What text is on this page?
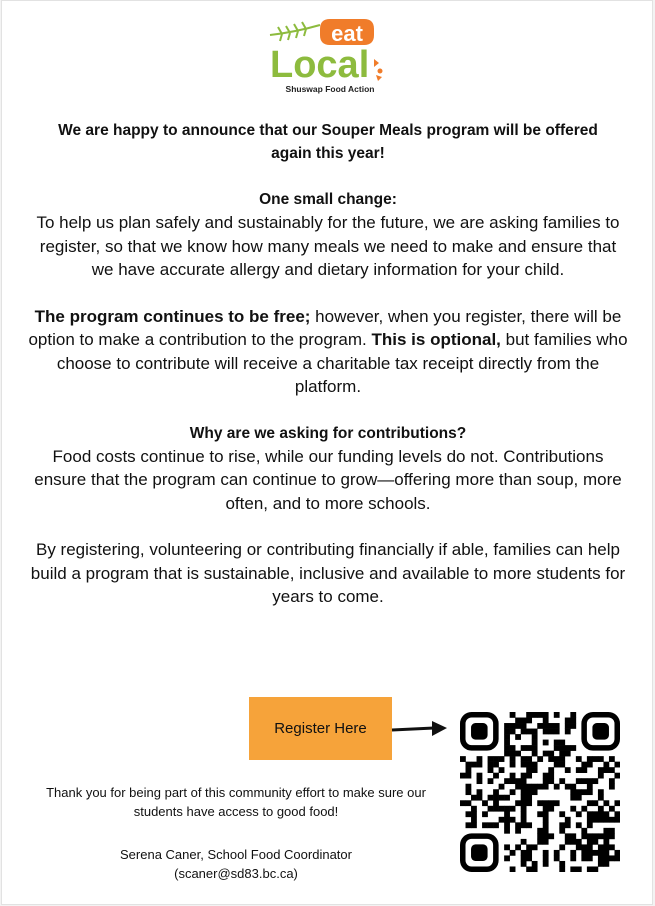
eat
Local
Shuswap Food Action
We are happy to announce that our Souper Meals program will be offered again this year!
One small change:

To help us plan safely and sustainably for the future, we are asking families to register, so that we know how many meals we need to make and ensure that we have accurate allergy and dietary information for your child.

The program continues to be free; however, when you register, there will be option to make a contribution to the program. This is optional, but families who choose to contribute will receive a charitable tax receipt directly from the platform.

Why are we asking for contributions?

Food costs continue to rise, while our funding levels do not. Contributions ensure that the program can continue to grow—offering more than soup, more often, and to more schools.

By registering, volunteering or contributing financially if able, families can help build a program that is sustainable, inclusive and available to more students for years to come.

Register Here
Thank you for being part of this community effort to make sure our students have access to good food!
Serena Caner, School Food Coordinator
(scaner@sd83.bc.ca)
